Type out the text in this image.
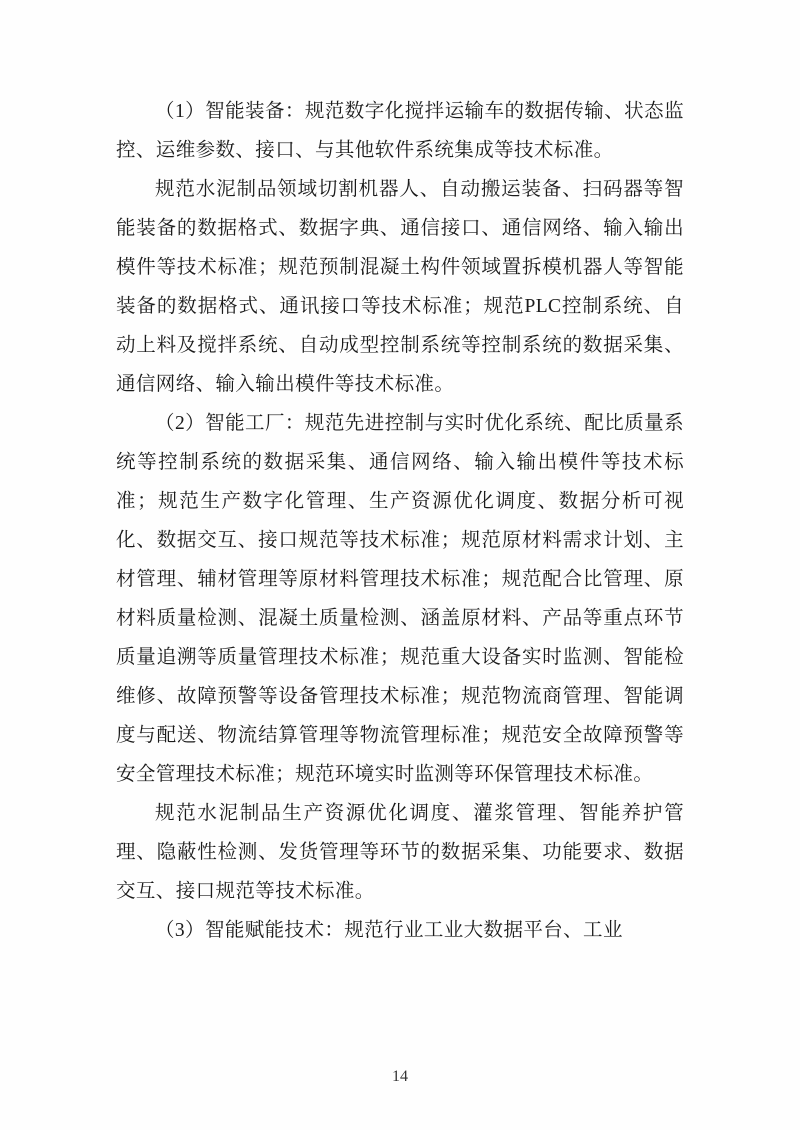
（1）智能装备：规范数字化搅拌运输车的数据传输、状态监控、运维参数、接口、与其他软件系统集成等技术标准。

规范水泥制品领域切割机器人、自动搬运装备、扫码器等智能装备的数据格式、数据字典、通信接口、通信网络、输入输出模件等技术标准；规范预制混凝土构件领域置拆模机器人等智能装备的数据格式、通讯接口等技术标准；规范PLC控制系统、自动上料及搅拌系统、自动成型控制系统等控制系统的数据采集、通信网络、输入输出模件等技术标准。

（2）智能工厂：规范先进控制与实时优化系统、配比质量系统等控制系统的数据采集、通信网络、输入输出模件等技术标准；规范生产数字化管理、生产资源优化调度、数据分析可视化、数据交互、接口规范等技术标准；规范原材料需求计划、主材管理、辅材管理等原材料管理技术标准；规范配合比管理、原材料质量检测、混凝土质量检测、涵盖原材料、产品等重点环节质量追溯等质量管理技术标准；规范重大设备实时监测、智能检维修、故障预警等设备管理技术标准；规范物流商管理、智能调度与配送、物流结算管理等物流管理标准；规范安全故障预警等安全管理技术标准；规范环境实时监测等环保管理技术标准。

规范水泥制品生产资源优化调度、灌浆管理、智能养护管理、隐蔽性检测、发货管理等环节的数据采集、功能要求、数据交互、接口规范等技术标准。

（3）智能赋能技术：规范行业工业大数据平台、工业

14
